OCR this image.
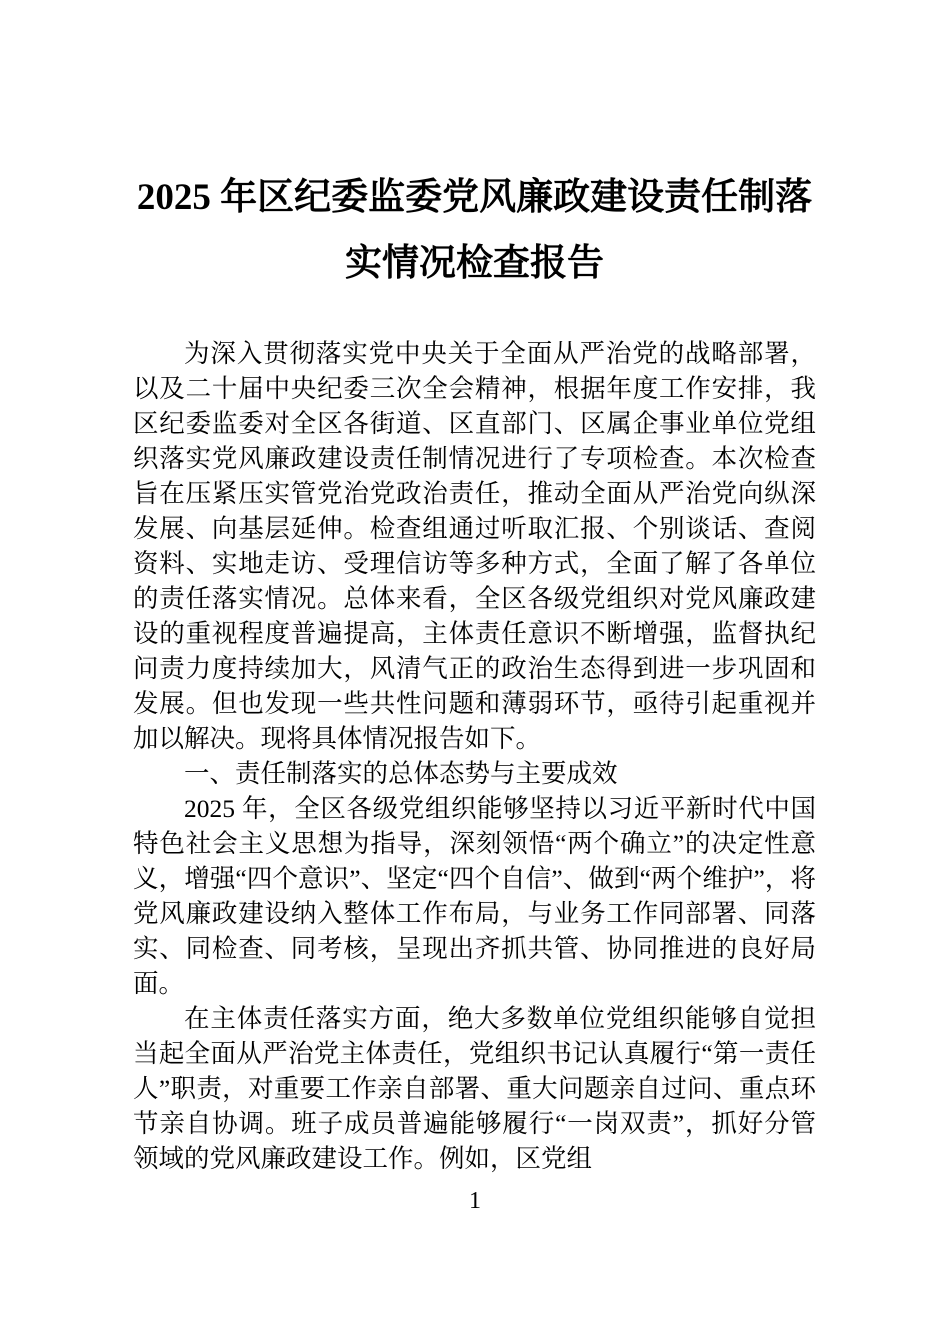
2025 年区纪委监委党风廉政建设责任制落实情况检查报告

为深入贯彻落实党中央关于全面从严治党的战略部署，以及二十届中央纪委三次全会精神，根据年度工作安排，我区纪委监委对全区各街道、区直部门、区属企事业单位党组织落实党风廉政建设责任制情况进行了专项检查。本次检查旨在压紧压实管党治党政治责任，推动全面从严治党向纵深发展、向基层延伸。检查组通过听取汇报、个别谈话、查阅资料、实地走访、受理信访等多种方式，全面了解了各单位的责任落实情况。总体来看，全区各级党组织对党风廉政建设的重视程度普遍提高，主体责任意识不断增强，监督执纪问责力度持续加大，风清气正的政治生态得到进一步巩固和发展。但也发现一些共性问题和薄弱环节，亟待引起重视并加以解决。现将具体情况报告如下。

一、责任制落实的总体态势与主要成效

2025 年，全区各级党组织能够坚持以习近平新时代中国特色社会主义思想为指导，深刻领悟“两个确立”的决定性意义，增强“四个意识”、坚定“四个自信”、做到“两个维护”，将党风廉政建设纳入整体工作布局，与业务工作同部署、同落实、同检查、同考核，呈现出齐抓共管、协同推进的良好局面。

在主体责任落实方面，绝大多数单位党组织能够自觉担当起全面从严治党主体责任，党组织书记认真履行“第一责任人”职责，对重要工作亲自部署、重大问题亲自过问、重点环节亲自协调。班子成员普遍能够履行“一岗双责”，抓好分管领域的党风廉政建设工作。例如，区党组

1
